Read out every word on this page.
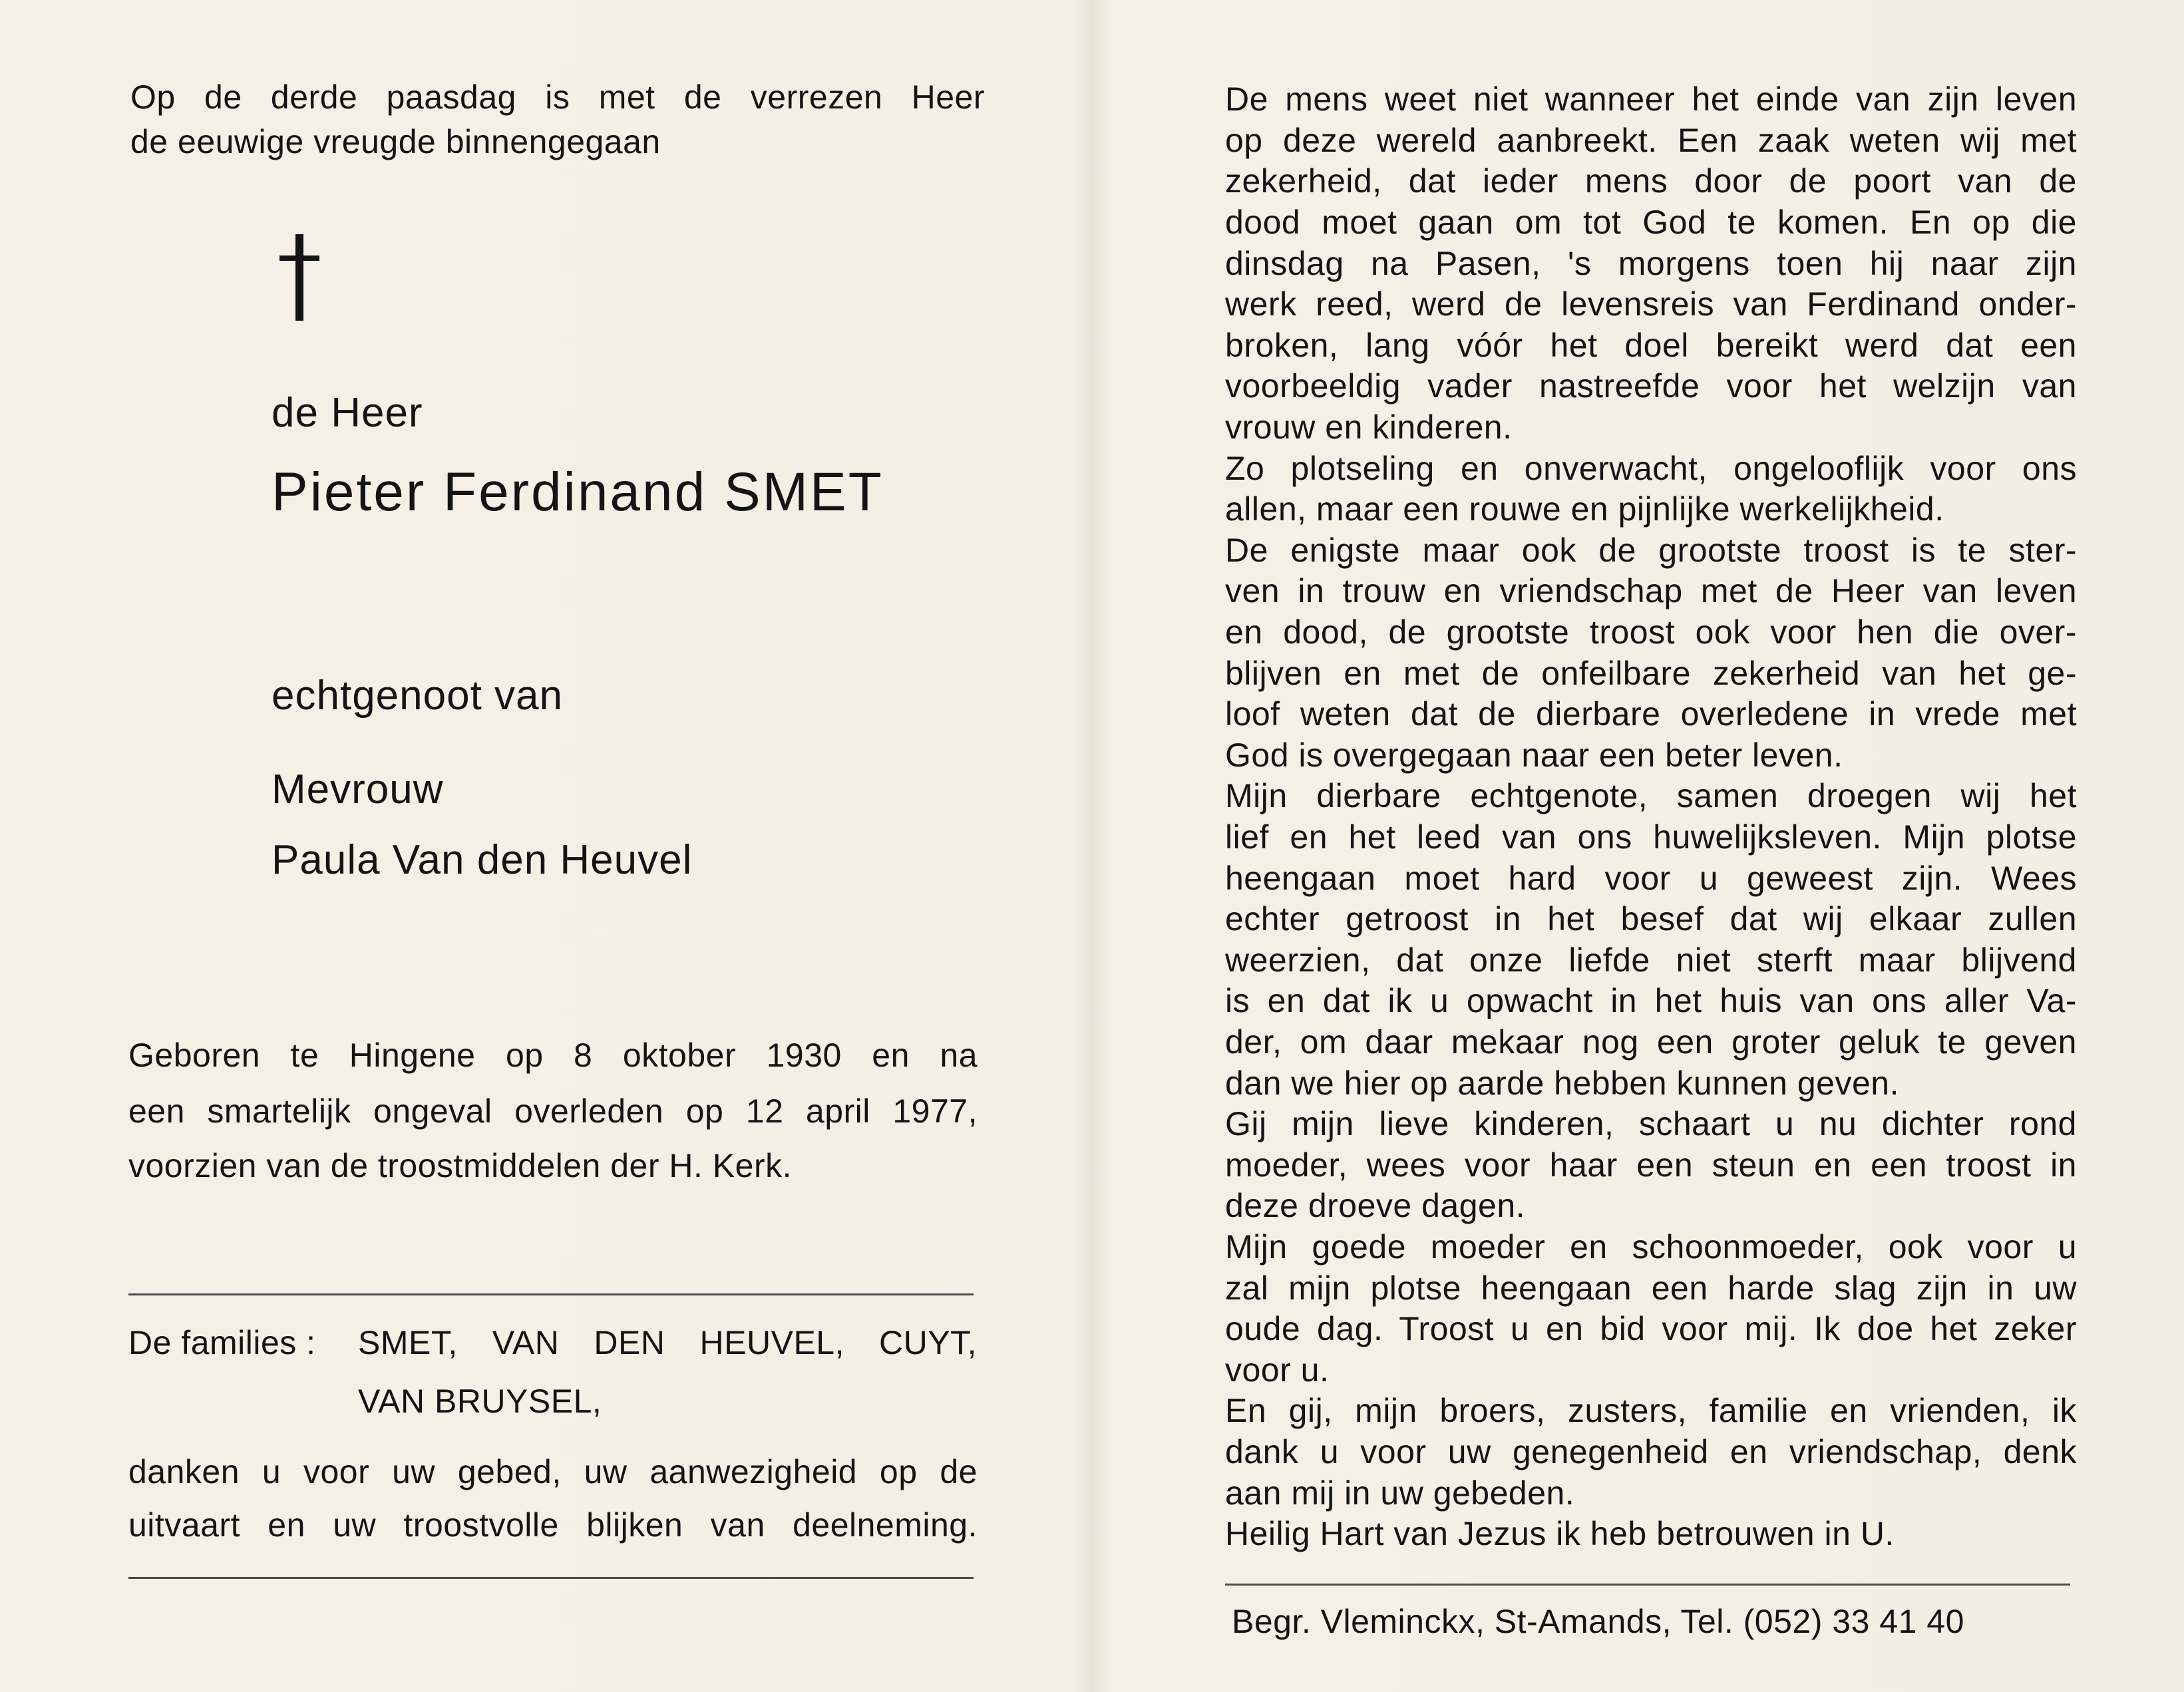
Op de derde paasdag is met de verrezen Heer
de eeuwige vreugde binnengegaan
de Heer
Pieter Ferdinand SMET
echtgenoot van
Mevrouw
Paula Van den Heuvel
Geboren te Hingene op 8 oktober 1930 en na
een smartelijk ongeval overleden op 12 april 1977,
voorzien van de troostmiddelen der H. Kerk.
De families : SMET, VAN DEN HEUVEL, CUYT,
VAN BRUYSEL,
danken u voor uw gebed, uw aanwezigheid op de
uitvaart en uw troostvolle blijken van deelneming.
De mens weet niet wanneer het einde van zijn leven
op deze wereld aanbreekt. Een zaak weten wij met
zekerheid, dat ieder mens door de poort van de
dood moet gaan om tot God te komen. En op die
dinsdag na Pasen, 's morgens toen hij naar zijn
werk reed, werd de levensreis van Ferdinand onder-
broken, lang vóór het doel bereikt werd dat een
voorbeeldig vader nastreefde voor het welzijn van
vrouw en kinderen.
Zo plotseling en onverwacht, ongelooflijk voor ons
allen, maar een rouwe en pijnlijke werkelijkheid.
De enigste maar ook de grootste troost is te ster-
ven in trouw en vriendschap met de Heer van leven
en dood, de grootste troost ook voor hen die over-
blijven en met de onfeilbare zekerheid van het ge-
loof weten dat de dierbare overledene in vrede met
God is overgegaan naar een beter leven.
Mijn dierbare echtgenote, samen droegen wij het
lief en het leed van ons huwelijksleven. Mijn plotse
heengaan moet hard voor u geweest zijn. Wees
echter getroost in het besef dat wij elkaar zullen
weerzien, dat onze liefde niet sterft maar blijvend
is en dat ik u opwacht in het huis van ons aller Va-
der, om daar mekaar nog een groter geluk te geven
dan we hier op aarde hebben kunnen geven.
Gij mijn lieve kinderen, schaart u nu dichter rond
moeder, wees voor haar een steun en een troost in
deze droeve dagen.
Mijn goede moeder en schoonmoeder, ook voor u
zal mijn plotse heengaan een harde slag zijn in uw
oude dag. Troost u en bid voor mij. Ik doe het zeker
voor u.
En gij, mijn broers, zusters, familie en vrienden, ik
dank u voor uw genegenheid en vriendschap, denk
aan mij in uw gebeden.
Heilig Hart van Jezus ik heb betrouwen in U.
Begr. Vleminckx, St-Amands, Tel. (052) 33 41 40
